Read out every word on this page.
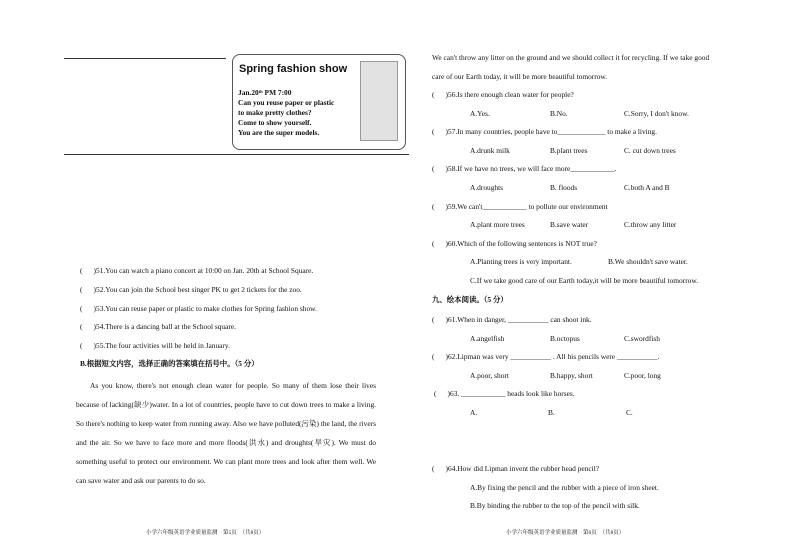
Spring fashion show
Jan.20ᵗʰ PM 7:00
Can you reuse paper or plastic
to make pretty clothes?
Come to show yourself.
You are the super models.
(      )51.You can watch a piano concert at 10:00 on Jan. 20th at School Square.
(      )52.You can join the School best singer PK to get 2 tickets for the zoo.
(      )53.You can reuse paper or plastic to make clothes for Spring fashion show.
(      )54.There is a dancing ball at the School square.
(      )55.The four activities will be held in January.
B.根据短文内容，选择正确的答案填在括号中。（5 分）
As you know, there's not enough clean water for people. So many of them lose their lives because of lacking(缺少)water. In a lot of countries, people have to cut down trees to make a living. So there's nothing to keep water from running away. Also we have polluted(污染) the land, the rivers and the air. So we have to face more and more floods(洪水) and droughts(旱灾). We must do something useful to protect our environment. We can plant more trees and look after them well. We can save water and ask our parents to do so.
小学六年级英语学业质量监测　第5页　（共8页）
We can't throw any litter on the ground and we should collect it for recycling. If we take good
care of our Earth today, it will be more beautiful tomorrow.
(      )56.Is there enough clean water for people?
A.Yes.	B.No.	C.Sorry, I don't know.
(      )57.In many countries, people have to_____________ to make a living.
A.drunk milk	B.plant trees	C. cut down trees
(      )58.If we have no trees, we will face more____________.
A.droughts	B. floods	C.both A and B
(      )59.We can't____________ to pollute our environment
A.plant more trees	B.save water	C.throw any litter
(      )60.Which of the following sentences is NOT true?
A.Planting trees is very important.	B.We shouldn't save water.
C.If we take good care of our Earth today,it will be more beautiful tomorrow.
九、绘本阅读。（5 分）
(      )61.When in danger, ___________ can shoot ink.
A.angelfish	B.octopus	C.swordfish
(      )62.Lipman was very ___________ . All his pencils were ___________.
A.poor, short	B.happy, short	C.poor, long
(      )63. ____________ heads look like horses.
A.	B.	C.
(      )64.How did Lipman invent the rubber head pencil?
A.By fixing the pencil and the rubber with a piece of iron sheet.
B.By binding the rubber to the top of the pencil with silk.
小学六年级英语学业质量监测　第6页　（共8页）
